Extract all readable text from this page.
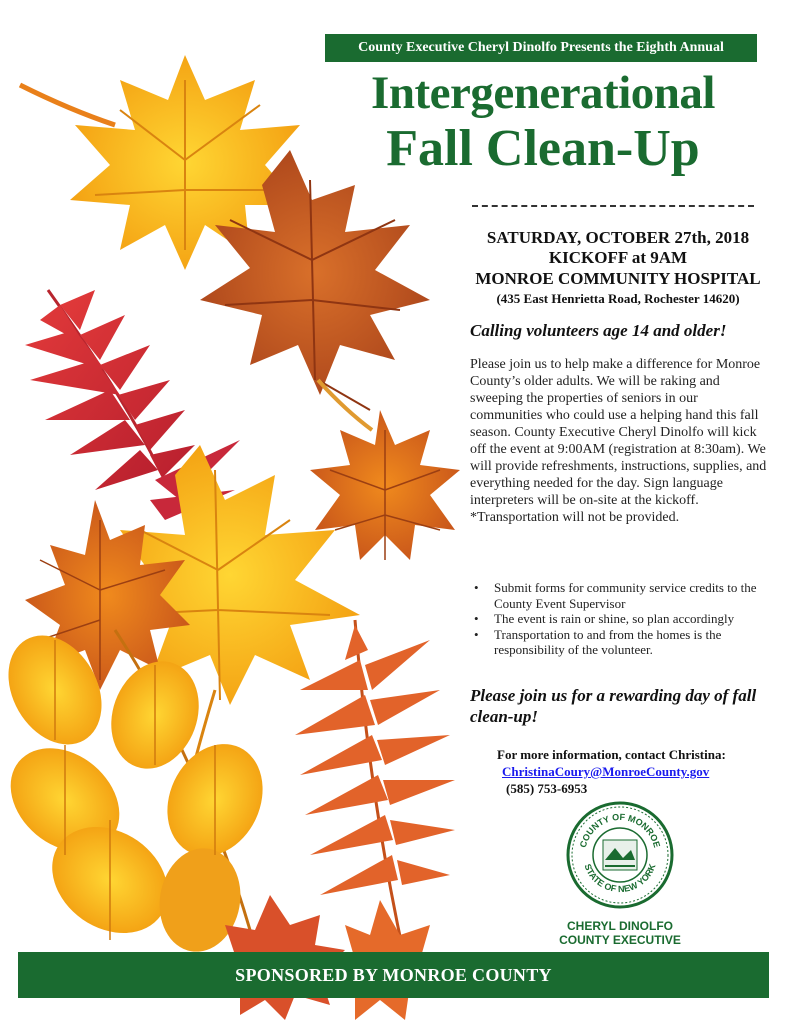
County Executive Cheryl Dinolfo Presents the Eighth Annual
Intergenerational
Fall Clean-Up
SATURDAY, OCTOBER 27th, 2018
KICKOFF at 9AM
MONROE COMMUNITY HOSPITAL
(435 East Henrietta Road, Rochester 14620)
Calling volunteers age 14 and older!
Please join us to help make a difference for Monroe County’s older adults. We will be raking and sweeping the properties of seniors in our communities who could use a helping hand this fall season. County Executive Cheryl Dinolfo will kick off the event at 9:00AM (registration at 8:30am). We will provide refreshments, instructions, supplies, and everything needed for the day. Sign language interpreters will be on-site at the kickoff. *Transportation will not be provided.
• Submit forms for community service credits to the County Event Supervisor
• The event is rain or shine, so plan accordingly
• Transportation to and from the homes is the responsibility of the volunteer.
Please join us for a rewarding day of fall clean-up!
For more information, contact Christina:
ChristinaCoury@MonroeCounty.gov
(585) 753-6953
COUNTY OF MONROE
STATE OF NEW YORK
CHERYL DINOLFO
COUNTY EXECUTIVE
SPONSORED BY MONROE COUNTY
